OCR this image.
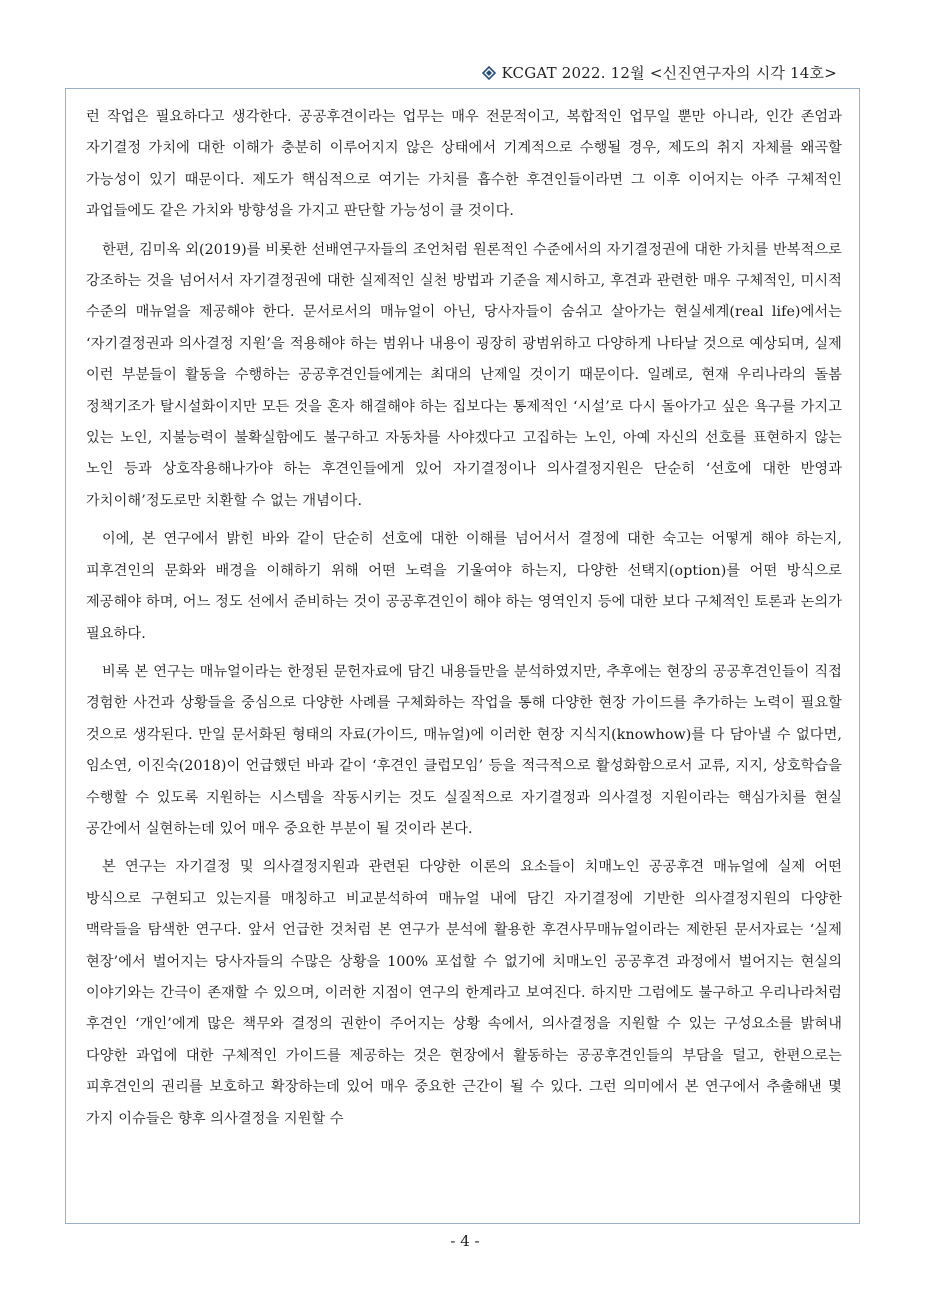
KCGAT 2022. 12월 <신진연구자의 시각 14호>

런 작업은 필요하다고 생각한다. 공공후견이라는 업무는 매우 전문적이고, 복합적인 업무일 뿐만 아니라, 인간 존엄과 자기결정 가치에 대한 이해가 충분히 이루어지지 않은 상태에서 기계적으로 수행될 경우, 제도의 취지 자체를 왜곡할 가능성이 있기 때문이다. 제도가 핵심적으로 여기는 가치를 흡수한 후견인들이라면 그 이후 이어지는 아주 구체적인 과업들에도 같은 가치와 방향성을 가지고 판단할 가능성이 클 것이다.

한편, 김미옥 외(2019)를 비롯한 선배연구자들의 조언처럼 원론적인 수준에서의 자기결정권에 대한 가치를 반복적으로 강조하는 것을 넘어서서 자기결정권에 대한 실제적인 실천 방법과 기준을 제시하고, 후견과 관련한 매우 구체적인, 미시적 수준의 매뉴얼을 제공해야 한다. 문서로서의 매뉴얼이 아닌, 당사자들이 숨쉬고 살아가는 현실세계(real life)에서는 ‘자기결정권과 의사결정 지원’을 적용해야 하는 범위나 내용이 굉장히 광범위하고 다양하게 나타날 것으로 예상되며, 실제 이런 부분들이 활동을 수행하는 공공후견인들에게는 최대의 난제일 것이기 때문이다. 일례로, 현재 우리나라의 돌봄 정책기조가 탈시설화이지만 모든 것을 혼자 해결해야 하는 집보다는 통제적인 ‘시설’로 다시 돌아가고 싶은 욕구를 가지고 있는 노인, 지불능력이 불확실함에도 불구하고 자동차를 사야겠다고 고집하는 노인, 아예 자신의 선호를 표현하지 않는 노인 등과 상호작용해나가야 하는 후견인들에게 있어 자기결정이나 의사결정지원은 단순히 ‘선호에 대한 반영과 가치이해’정도로만 치환할 수 없는 개념이다.

이에, 본 연구에서 밝힌 바와 같이 단순히 선호에 대한 이해를 넘어서서 결정에 대한 숙고는 어떻게 해야 하는지, 피후견인의 문화와 배경을 이해하기 위해 어떤 노력을 기울여야 하는지, 다양한 선택지(option)를 어떤 방식으로 제공해야 하며, 어느 정도 선에서 준비하는 것이 공공후견인이 해야 하는 영역인지 등에 대한 보다 구체적인 토론과 논의가 필요하다.

비록 본 연구는 매뉴얼이라는 한정된 문헌자료에 담긴 내용들만을 분석하였지만, 추후에는 현장의 공공후견인들이 직접 경험한 사건과 상황들을 중심으로 다양한 사례를 구체화하는 작업을 통해 다양한 현장 가이드를 추가하는 노력이 필요할 것으로 생각된다. 만일 문서화된 형태의 자료(가이드, 매뉴얼)에 이러한 현장 지식지(knowhow)를 다 담아낼 수 없다면, 임소연, 이진숙(2018)이 언급했던 바과 같이 ‘후견인 클럽모임’ 등을 적극적으로 활성화함으로서 교류, 지지, 상호학습을 수행할 수 있도록 지원하는 시스템을 작동시키는 것도 실질적으로 자기결정과 의사결정 지원이라는 핵심가치를 현실 공간에서 실현하는데 있어 매우 중요한 부분이 될 것이라 본다.

본 연구는 자기결정 및 의사결정지원과 관련된 다양한 이론의 요소들이 치매노인 공공후견 매뉴얼에 실제 어떤 방식으로 구현되고 있는지를 매칭하고 비교분석하여 매뉴얼 내에 담긴 자기결정에 기반한 의사결정지원의 다양한 맥락들을 탐색한 연구다. 앞서 언급한 것처럼 본 연구가 분석에 활용한 후견사무매뉴얼이라는 제한된 문서자료는 ‘실제 현장’에서 벌어지는 당사자들의 수많은 상황을 100% 포섭할 수 없기에 치매노인 공공후견 과정에서 벌어지는 현실의 이야기와는 간극이 존재할 수 있으며, 이러한 지점이 연구의 한계라고 보여진다. 하지만 그럼에도 불구하고 우리나라처럼 후견인 ‘개인’에게 많은 책무와 결정의 권한이 주어지는 상황 속에서, 의사결정을 지원할 수 있는 구성요소를 밝혀내 다양한 과업에 대한 구체적인 가이드를 제공하는 것은 현장에서 활동하는 공공후견인들의 부담을 덜고, 한편으로는 피후견인의 권리를 보호하고 확장하는데 있어 매우 중요한 근간이 될 수 있다. 그런 의미에서 본 연구에서 추출해낸 몇 가지 이슈들은 향후 의사결정을 지원할 수

- 4 -
